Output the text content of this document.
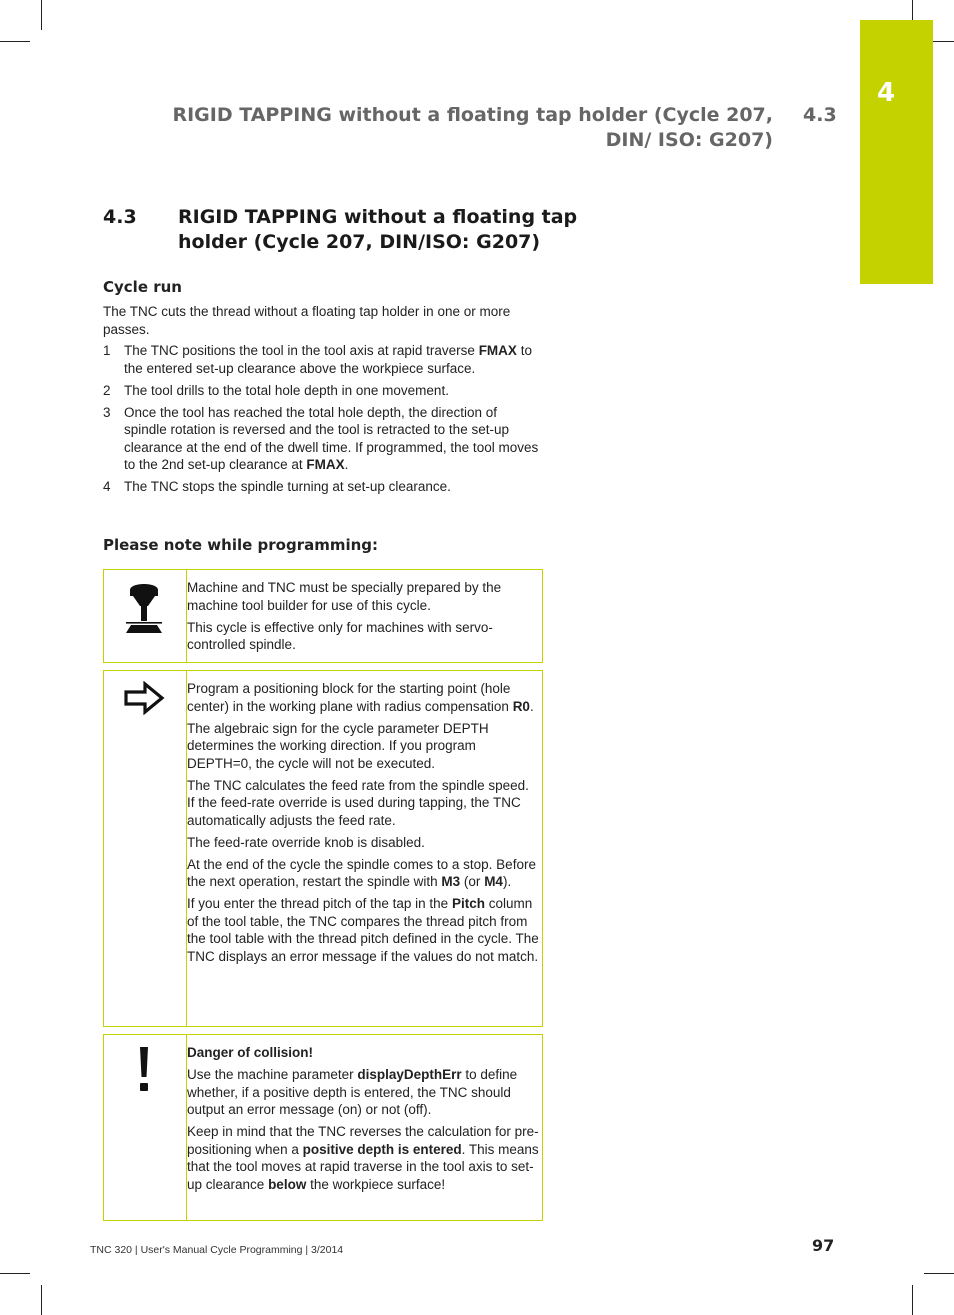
4
RIGID TAPPING without a floating tap holder (Cycle 207, DIN/ ISO: G207)
4.3
4.3 RIGID TAPPING without a floating tap holder (Cycle 207, DIN/ISO: G207)
Cycle run
The TNC cuts the thread without a floating tap holder in one or more passes.
1 The TNC positions the tool in the tool axis at rapid traverse FMAX to the entered set-up clearance above the workpiece surface.
2 The tool drills to the total hole depth in one movement.
3 Once the tool has reached the total hole depth, the direction of spindle rotation is reversed and the tool is retracted to the set-up clearance at the end of the dwell time. If programmed, the tool moves to the 2nd set-up clearance at FMAX.
4 The TNC stops the spindle turning at set-up clearance.
Please note while programming:

Machine and TNC must be specially prepared by the machine tool builder for use of this cycle.

This cycle is effective only for machines with servo-controlled spindle.

Program a positioning block for the starting point (hole center) in the working plane with radius compensation R0.

The algebraic sign for the cycle parameter DEPTH determines the working direction. If you program DEPTH=0, the cycle will not be executed.

The TNC calculates the feed rate from the spindle speed. If the feed-rate override is used during tapping, the TNC automatically adjusts the feed rate.

The feed-rate override knob is disabled.

At the end of the cycle the spindle comes to a stop. Before the next operation, restart the spindle with M3 (or M4).

If you enter the thread pitch of the tap in the Pitch column of the tool table, the TNC compares the thread pitch from the tool table with the thread pitch defined in the cycle. The TNC displays an error message if the values do not match.

Danger of collision!

Use the machine parameter displayDepthErr to define whether, if a positive depth is entered, the TNC should output an error message (on) or not (off).

Keep in mind that the TNC reverses the calculation for pre-positioning when a positive depth is entered. This means that the tool moves at rapid traverse in the tool axis to set-up clearance below the workpiece surface!

TNC 320 | User's Manual Cycle Programming | 3/2014	97
